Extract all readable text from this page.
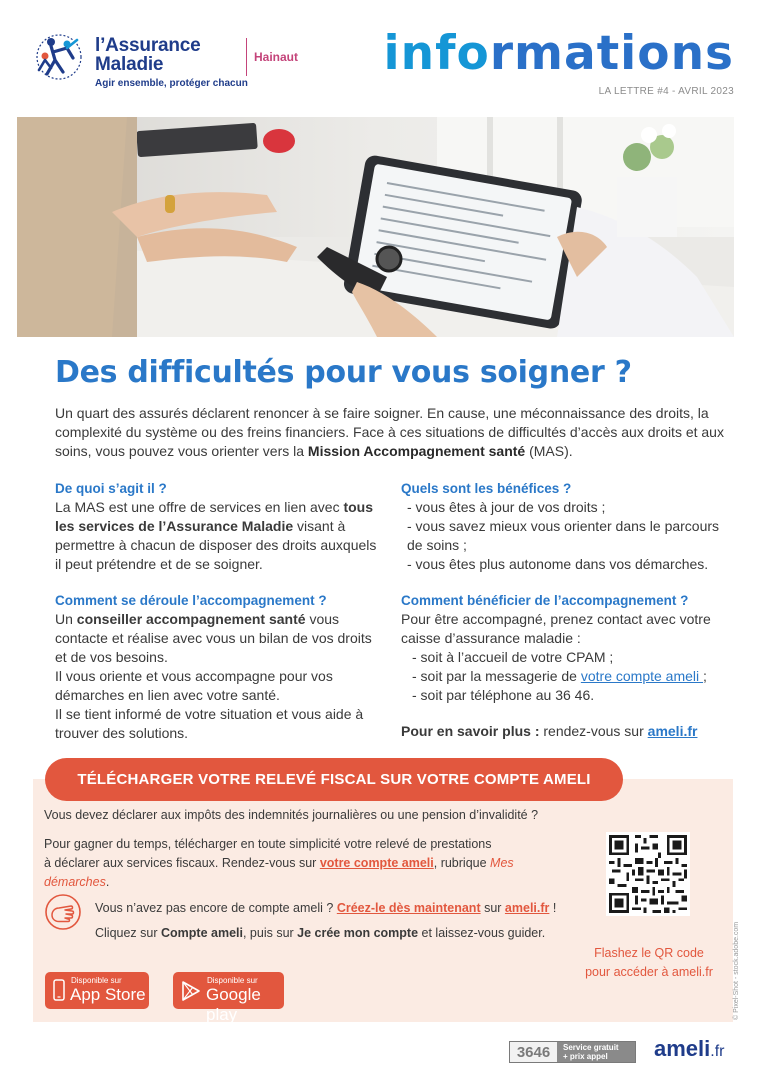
l’Assurance
Maladie
Agir ensemble, protéger chacun
Hainaut informations
LA LETTRE #4 - AVRIL 2023
Des difficultés pour vous soigner ?
Un quart des assurés déclarent renoncer à se faire soigner. En cause, une méconnaissance des droits, la complexité du système ou des freins financiers. Face à ces situations de difficultés d’accès aux droits et aux soins, vous pouvez vous orienter vers la Mission Accompagnement santé (MAS).
De quoi s’agit il ?
La MAS est une offre de services en lien avec tous les services de l’Assurance Maladie visant à permettre à chacun de disposer des droits auxquels il peut prétendre et de se soigner.
Comment se déroule l’accompagnement ?
Un conseiller accompagnement santé vous contacte et réalise avec vous un bilan de vos droits et de vos besoins.
Il vous oriente et vous accompagne pour vos démarches en lien avec votre santé.
Il se tient informé de votre situation et vous aide à trouver des solutions.
Quels sont les bénéfices ?
- vous êtes à jour de vos droits ;
- vous savez mieux vous orienter dans le parcours de soins ;
- vous êtes plus autonome dans vos démarches.
Comment bénéficier de l’accompagnement ?
Pour être accompagné, prenez contact avec votre caisse d’assurance maladie :
- soit à l’accueil de votre CPAM ;
- soit par la messagerie de votre compte ameli ;
- soit par téléphone au 36 46.
Pour en savoir plus : rendez-vous sur ameli.fr
TÉLÉCHARGER VOTRE RELEVÉ FISCAL SUR VOTRE COMPTE AMELI
Vous devez déclarer aux impôts des indemnités journalières ou une pension d’invalidité ?
Pour gagner du temps, télécharger en toute simplicité votre relevé de prestations
à déclarer aux services fiscaux. Rendez-vous sur votre compte ameli, rubrique Mes démarches.
Vous n’avez pas encore de compte ameli ? Créez-le dès maintenant sur ameli.fr !
Cliquez sur Compte ameli, puis sur Je crée mon compte et laissez-vous guider.
Flashez le QR code
pour accéder à ameli.fr
Disponible sur
App Store
Disponible sur
Google play	© Pixel-Shot - stock.adobe.com
3646	Service gratuit
+ prix appel	ameli.fr
